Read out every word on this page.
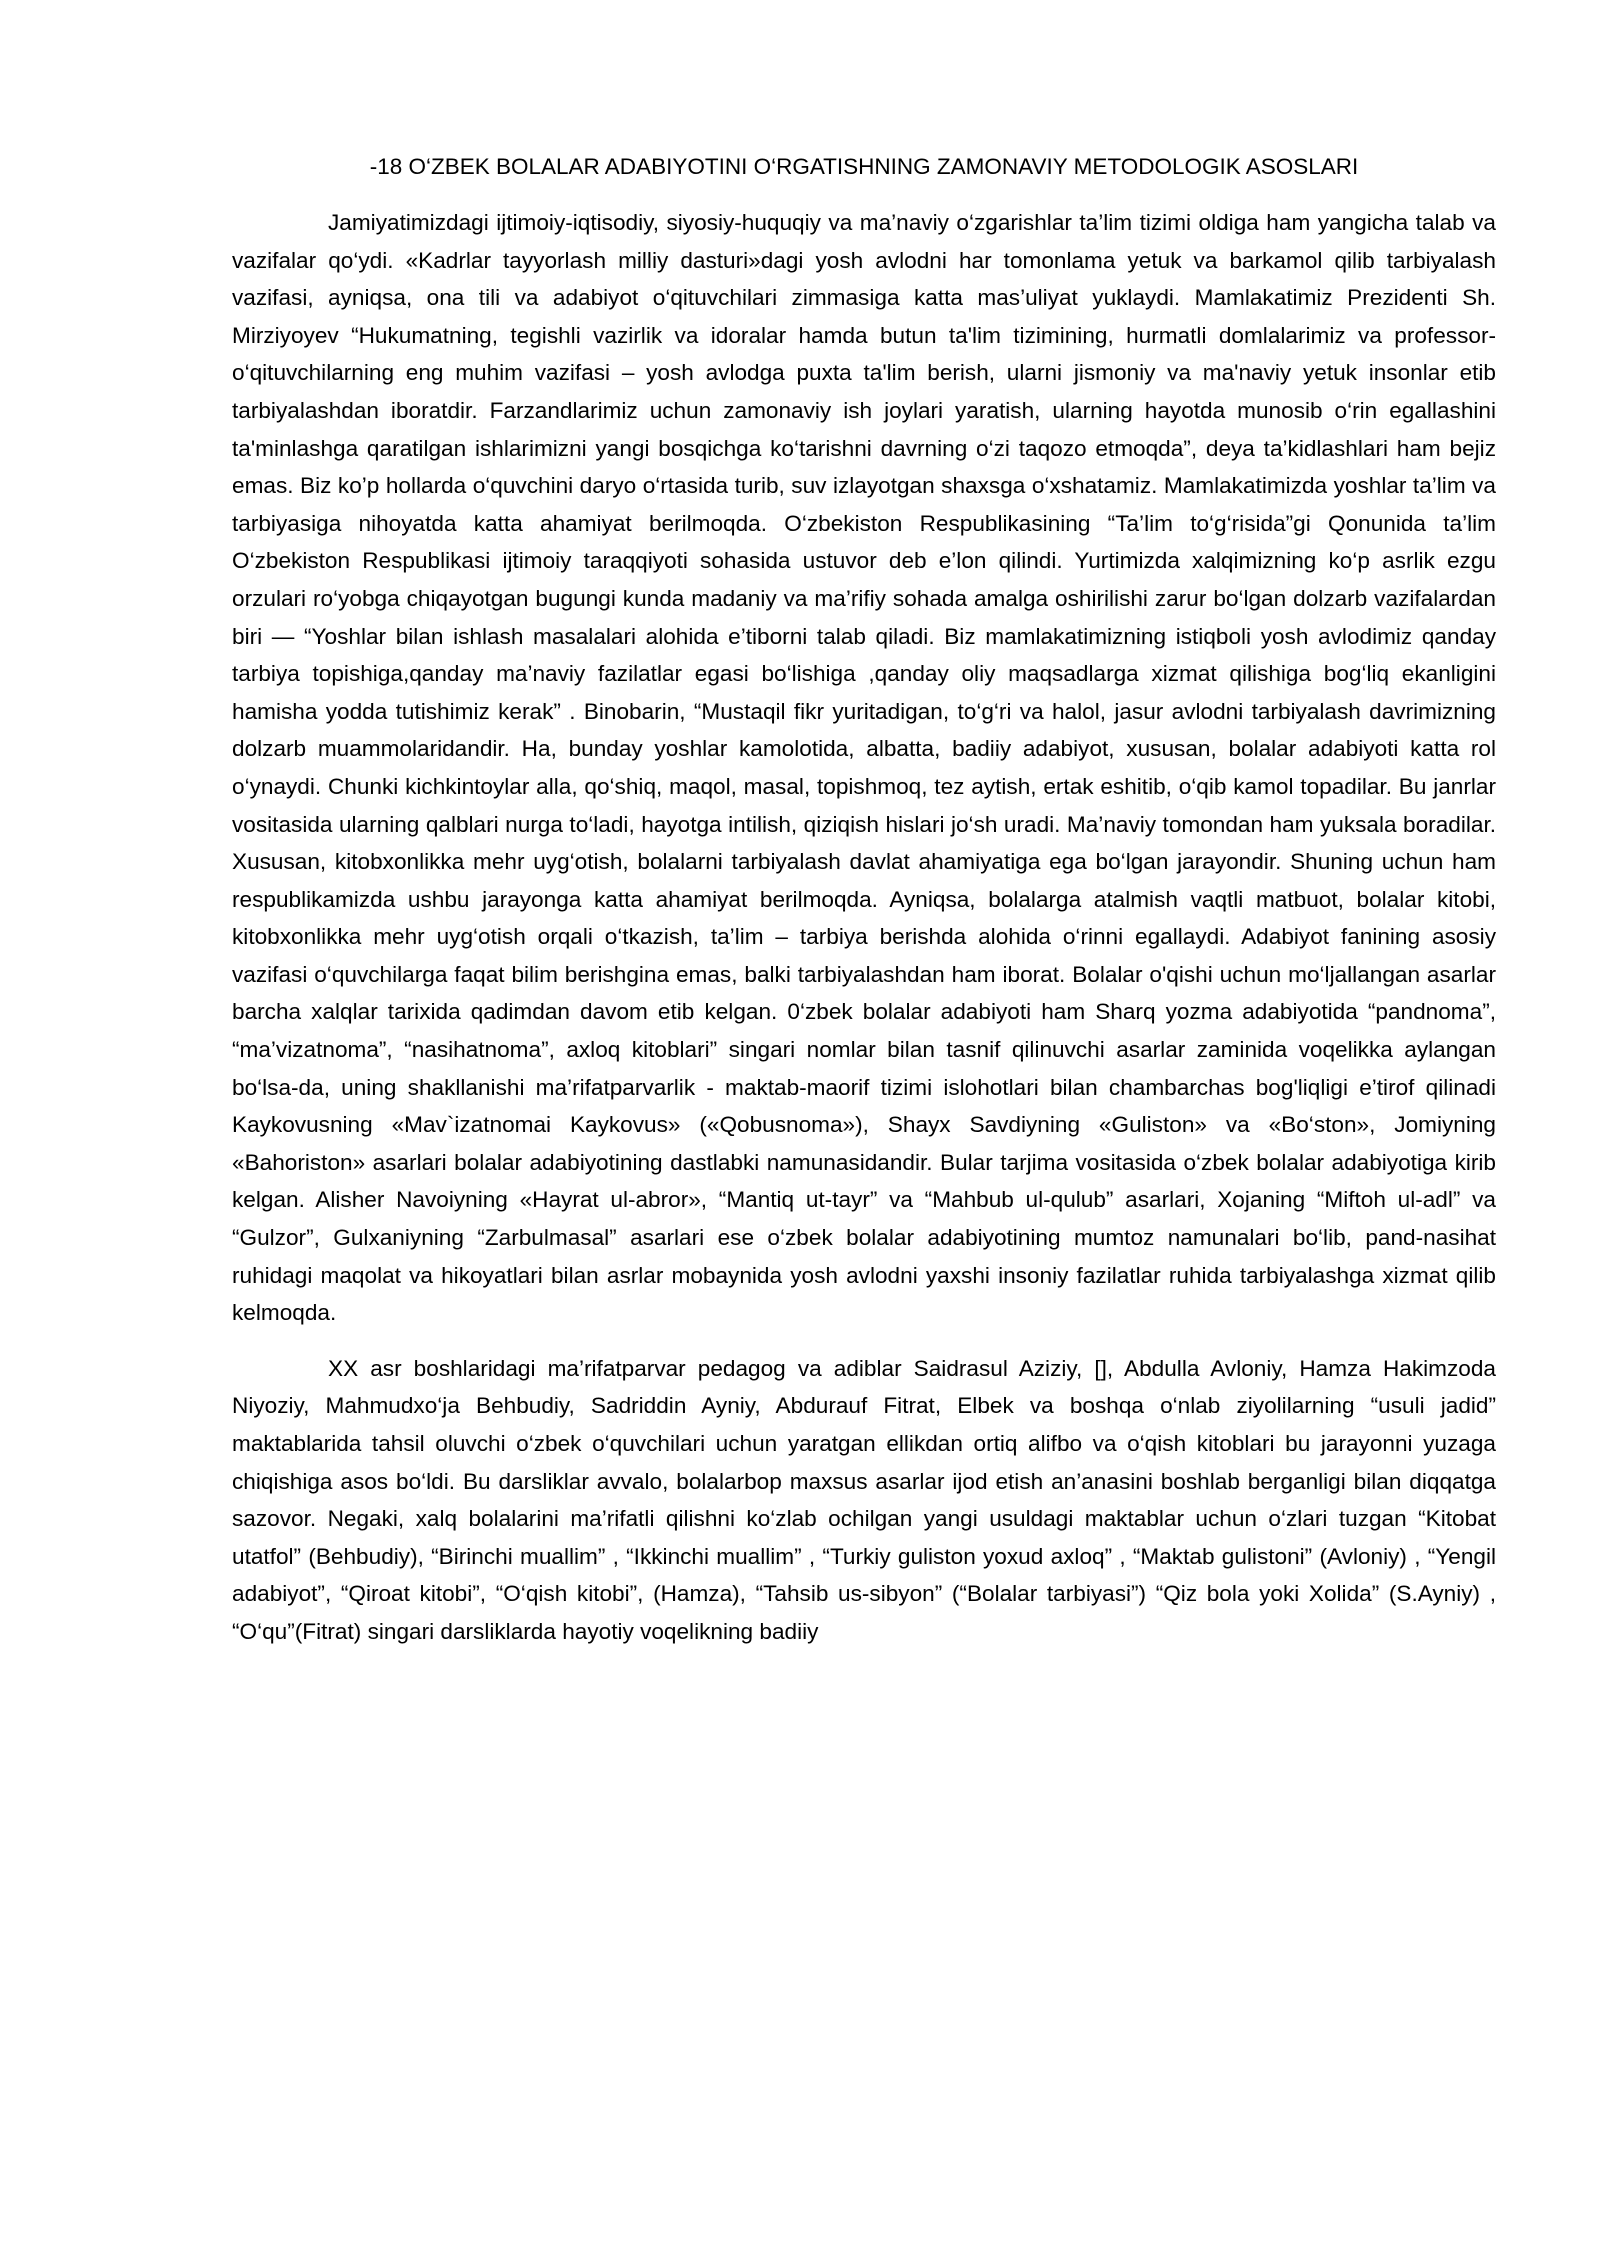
-18 O‘ZBEK BOLALAR ADABIYOTINI O‘RGATISHNING ZAMONAVIY METODOLOGIK ASOSLARI

Jamiyatimizdagi ijtimoiy-iqtisodiy, siyosiy-huquqiy va ma’naviy o‘zgarishlar ta’lim tizimi oldiga ham yangicha talab va vazifalar qo‘ydi. «Kadrlar tayyorlash milliy dasturi»dagi yosh avlodni har tomonlama yetuk va barkamol qilib tarbiyalash vazifasi, ayniqsa, ona tili va adabiyot o‘qituvchilari zimmasiga katta mas’uliyat yuklaydi. Mamlakatimiz Prezidenti Sh. Mirziyoyev “Hukumatning, tegishli vazirlik va idoralar hamda butun ta'lim tizimining, hurmatli domlalarimiz va professor-o‘qituvchilarning eng muhim vazifasi – yosh avlodga puxta ta'lim berish, ularni jismoniy va ma'naviy yetuk insonlar etib tarbiyalashdan iboratdir. Farzandlarimiz uchun zamonaviy ish joylari yaratish, ularning hayotda munosib o‘rin egallashini ta'minlashga qaratilgan ishlarimizni yangi bosqichga ko‘tarishni davrning o‘zi taqozo etmoqda”, deya ta’kidlashlari ham bejiz emas. Biz ko’p hollarda o‘quvchini daryo o‘rtasida turib, suv izlayotgan shaxsga o‘xshatamiz. Mamlakatimizda yoshlar ta’lim va tarbiyasiga nihoyatda katta ahamiyat berilmoqda. O‘zbekiston Respublikasining “Ta’lim to‘g‘risida”gi Qonunida ta’lim O‘zbekiston Respublikasi ijtimoiy taraqqiyoti sohasida ustuvor deb e’lon qilindi. Yurtimizda xalqimizning ko‘p asrlik ezgu orzulari ro‘yobga chiqayotgan bugungi kunda madaniy va ma’rifiy sohada amalga oshirilishi zarur bo‘lgan dolzarb vazifalardan biri — “Yoshlar bilan ishlash masalalari alohida e’tiborni talab qiladi. Biz mamlakatimizning istiqboli yosh avlodimiz qanday tarbiya topishiga,qanday ma’naviy fazilatlar egasi bo‘lishiga ,qanday oliy maqsadlarga xizmat qilishiga bog‘liq ekanligini hamisha yodda tutishimiz kerak” . Binobarin, “Mustaqil fikr yuritadigan, to‘g‘ri va halol, jasur avlodni tarbiyalash davrimizning dolzarb muammolaridandir. Ha, bunday yoshlar kamolotida, albatta, badiiy adabiyot, xususan, bolalar adabiyoti katta rol o‘ynaydi. Chunki kichkintoylar alla, qo‘shiq, maqol, masal, topishmoq, tez aytish, ertak eshitib, o‘qib kamol topadilar. Bu janrlar vositasida ularning qalblari nurga to‘ladi, hayotga intilish, qiziqish hislari jo‘sh uradi. Ma’naviy tomondan ham yuksala boradilar. Xususan, kitobxonlikka mehr uyg‘otish, bolalarni tarbiyalash davlat ahamiyatiga ega bo‘lgan jarayondir. Shuning uchun ham respublikamizda ushbu jarayonga katta ahamiyat berilmoqda. Ayniqsa, bolalarga atalmish vaqtli matbuot, bolalar kitobi, kitobxonlikka mehr uyg‘otish orqali o‘tkazish, ta’lim – tarbiya berishda alohida o‘rinni egallaydi. Adabiyot fanining asosiy vazifasi o‘quvchilarga faqat bilim berishgina emas, balki tarbiyalashdan ham iborat. Bolalar o'qishi uchun mo‘ljallangan asarlar barcha xalqlar tarixida qadimdan davom etib kelgan. 0‘zbek bolalar adabiyoti ham Sharq yozma adabiyotida “pandnoma”, “ma’vizatnoma”, “nasihatnoma”, axloq kitoblari” singari nomlar bilan tasnif qilinuvchi asarlar zaminida voqelikka aylangan bo‘lsa-da, uning shakllanishi ma’rifatparvarlik - maktab-maorif tizimi islohotlari bilan chambarchas bog'liqligi e’tirof qilinadi Kaykovusning «Mav`izatnomai Kaykovus» («Qobusnoma»), Shayx Savdiyning «Guliston» va «Bo‘ston», Jomiyning «Bahoriston» asarlari bolalar adabiyotining dastlabki namunasidandir. Bular tarjima vositasida o‘zbek bolalar adabiyotiga kirib kelgan. Alisher Navoiyning «Hayrat ul-abror», “Mantiq ut-tayr” va “Mahbub ul-qulub” asarlari, Xojaning “Miftoh ul-adl” va “Gulzor”, Gulxaniyning “Zarbulmasal” asarlari ese o‘zbek bolalar adabiyotining mumtoz namunalari bo‘lib, pand-nasihat ruhidagi maqolat va hikoyatlari bilan asrlar mobaynida yosh avlodni yaxshi insoniy fazilatlar ruhida tarbiyalashga xizmat qilib kelmoqda.

XX asr boshlaridagi ma’rifatparvar pedagog va adiblar Saidrasul Aziziy, [], Abdulla Avloniy, Hamza Hakimzoda Niyoziy, Mahmudxo‘ja Behbudiy, Sadriddin Ayniy, Abdurauf Fitrat, Elbek va boshqa o‘nlab ziyolilarning “usuli jadid” maktablarida tahsil oluvchi o‘zbek o‘quvchilari uchun yaratgan ellikdan ortiq alifbo va o‘qish kitoblari bu jarayonni yuzaga chiqishiga asos bo‘ldi. Bu darsliklar avvalo, bolalarbop maxsus asarlar ijod etish an’anasini boshlab berganligi bilan diqqatga sazovor. Negaki, xalq bolalarini ma’rifatli qilishni ko‘zlab ochilgan yangi usuldagi maktablar uchun o‘zlari tuzgan “Kitobat utatfol” (Behbudiy), “Birinchi muallim” , “Ikkinchi muallim” , “Turkiy guliston yoxud axloq” , “Maktab gulistoni” (Avloniy) , “Yengil adabiyot”, “Qiroat kitobi”, “O‘qish kitobi”, (Hamza), “Tahsib us-sibyon” (“Bolalar tarbiyasi”) “Qiz bola yoki Xolida” (S.Ayniy) , “O‘qu”(Fitrat) singari darsliklarda hayotiy voqelikning badiiy
